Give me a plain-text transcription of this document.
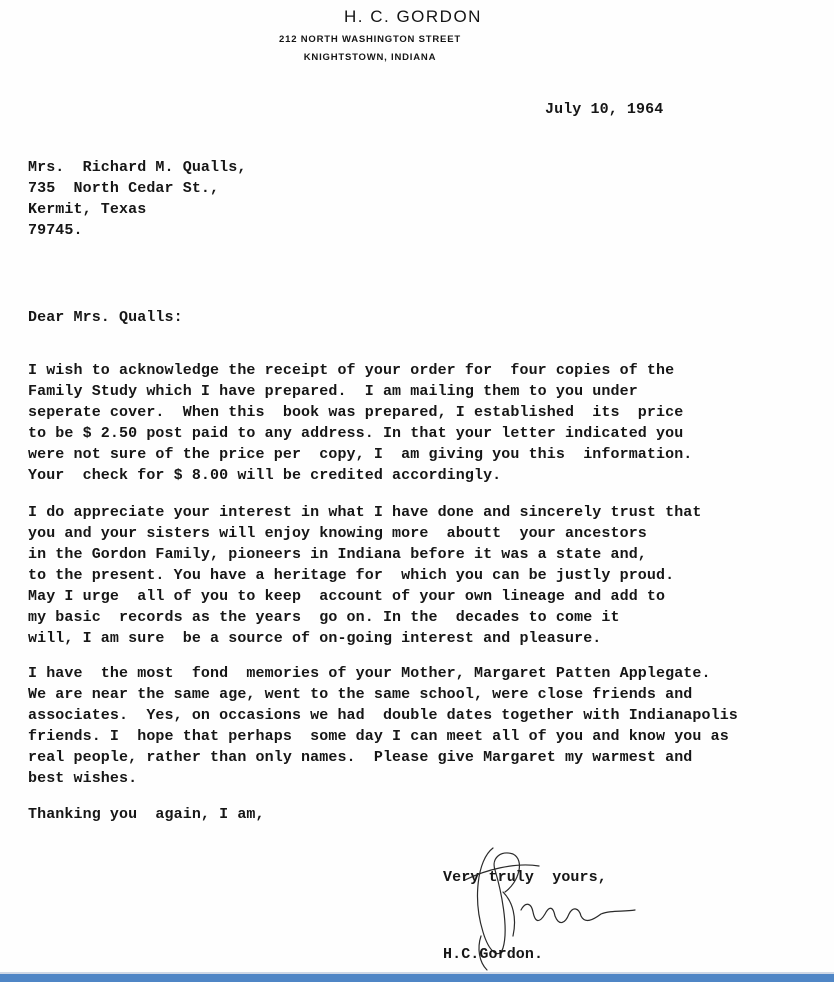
H. C. GORDON
212 NORTH WASHINGTON STREET
KNIGHTSTOWN, INDIANA
July 10, 1964
Mrs.  Richard M. Qualls,
735  North Cedar St.,
Kermit, Texas
79745.
Dear Mrs. Qualls:
I wish to acknowledge the receipt of your order for  four copies of the
Family Study which I have prepared.  I am mailing them to you under
seperate cover.  When this  book was prepared, I established  its  price
to be $ 2.50 post paid to any address. In that your letter indicated you
were not sure of the price per  copy, I  am giving you this  information.
Your  check for $ 8.00 will be credited accordingly.
I do appreciate your interest in what I have done and sincerely trust that
you and your sisters will enjoy knowing more  aboutt  your ancestors
in the Gordon Family, pioneers in Indiana before it was a state and,
to the present. You have a heritage for  which you can be justly proud.
May I urge  all of you to keep  account of your own lineage and add to
my basic  records as the years  go on. In the  decades to come it
will, I am sure  be a source of on-going interest and pleasure.
I have  the most  fond  memories of your Mother, Margaret Patten Applegate.
We are near the same age, went to the same school, were close friends and
associates.  Yes, on occasions we had  double dates together with Indianapolis
friends. I  hope that perhaps  some day I can meet all of you and know you as
real people, rather than only names.  Please give Margaret my warmest and
best wishes.
Thanking you  again, I am,
Very truly  yours,
H.C.Gordon.
